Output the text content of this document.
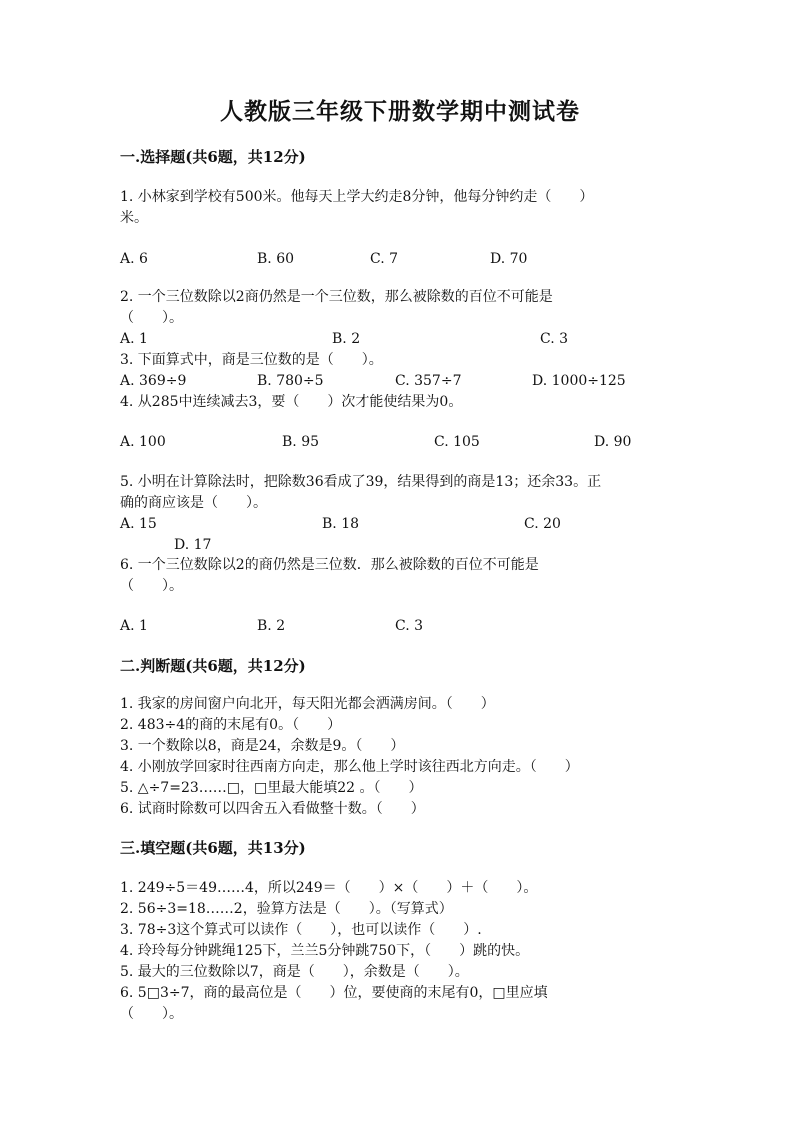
人教版三年级下册数学期中测试卷
一.选择题(共6题，共12分)
1. 小林家到学校有500米。他每天上学大约走8分钟，他每分钟约走（　　）
米。
A. 6	B. 60	C. 7	D. 70
2. 一个三位数除以2商仍然是一个三位数，那么被除数的百位不可能是
（　　）。
A. 1	B. 2	C. 3
3. 下面算式中，商是三位数的是（　　）。
A. 369÷9	B. 780÷5	C. 357÷7	D. 1000÷125
4. 从285中连续减去3，要（　　）次才能使结果为0。
A. 100	B. 95	C. 105	D. 90
5. 小明在计算除法时，把除数36看成了39，结果得到的商是13；还余33。正
确的商应该是（　　）。
A. 15	B. 18	C. 20
D. 17
6. 一个三位数除以2的商仍然是三位数．那么被除数的百位不可能是
（　　）。
A. 1	B. 2	C. 3
二.判断题(共6题，共12分)
1. 我家的房间窗户向北开，每天阳光都会洒满房间。（　　）
2. 483÷4的商的末尾有0。（　　）
3. 一个数除以8，商是24，余数是9。（　　）
4. 小刚放学回家时往西南方向走，那么他上学时该往西北方向走。（　　）
5. △÷7=23……□，□里最大能填22 。（　　）
6. 试商时除数可以四舍五入看做整十数。（　　）
三.填空题(共6题，共13分)
1. 249÷5＝49……4，所以249＝（　　）×（　　）＋（　　）。
2. 56÷3=18……2，验算方法是（　　）。（写算式）
3. 78÷3这个算式可以读作（　　），也可以读作（　　）.
4. 玲玲每分钟跳绳125下，兰兰5分钟跳750下，（　　）跳的快。
5. 最大的三位数除以7，商是（　　），余数是（　　）。
6. 5□3÷7，商的最高位是（　　）位，要使商的末尾有0，□里应填
（　　）。
